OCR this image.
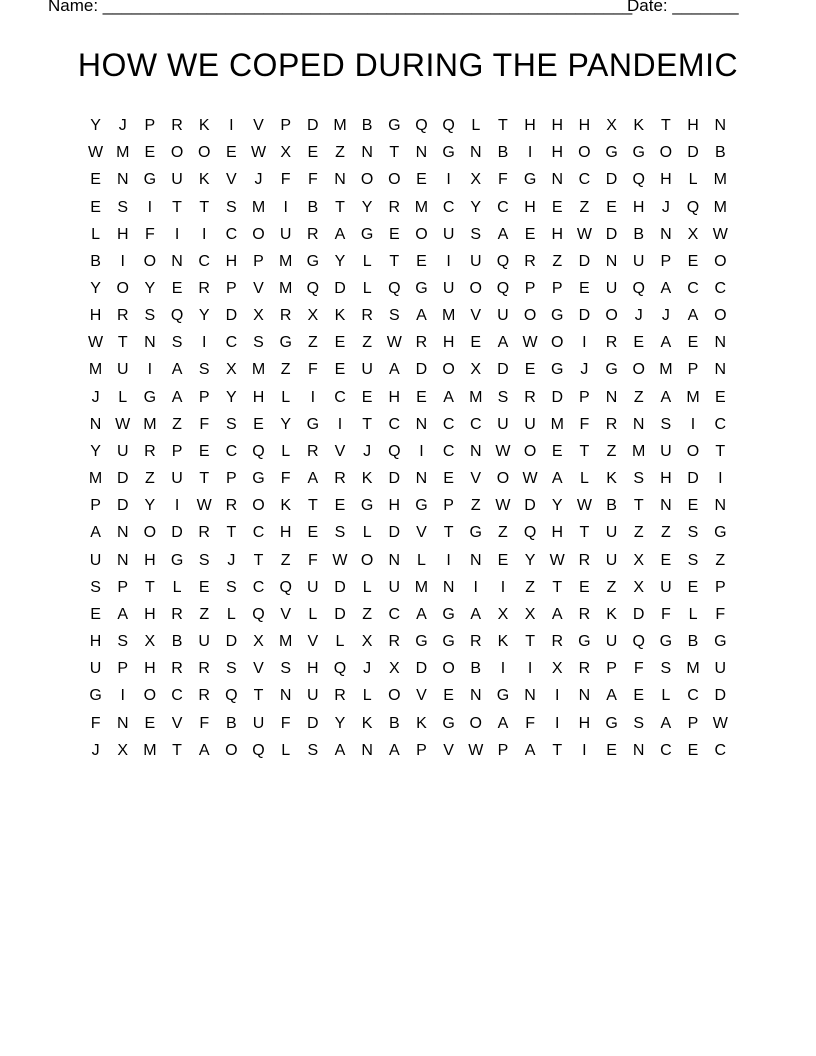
Name: ________________________________________________________
Date: _______
HOW WE COPED DURING THE PANDEMIC
Y	J	P	R	K	I	V	P	D	M	B	G	Q	Q	L	T	H	H	H	X	K	T	H	N
W	M	E	O	O	E	W	X	E	Z	N	T	N	G	N	B	I	H	O	G	G	O	D	B
E	N	G	U	K	V	J	F	F	N	O	O	E	I	X	F	G	N	C	D	Q	H	L	M
E	S	I	T	T	S	M	I	B	T	Y	R	M	C	Y	C	H	E	Z	E	H	J	Q	M
L	H	F	I	I	C	O	U	R	A	G	E	O	U	S	A	E	H	W	D	B	N	X	W
B	I	O	N	C	H	P	M	G	Y	L	T	E	I	U	Q	R	Z	D	N	U	P	E	O
Y	O	Y	E	R	P	V	M	Q	D	L	Q	G	U	O	Q	P	P	E	U	Q	A	C	C
H	R	S	Q	Y	D	X	R	X	K	R	S	A	M	V	U	O	G	D	O	J	J	A	O
W	T	N	S	I	C	S	G	Z	E	Z	W	R	H	E	A	W	O	I	R	E	A	E	N
M	U	I	A	S	X	M	Z	F	E	U	A	D	O	X	D	E	G	J	G	O	M	P	N
J	L	G	A	P	Y	H	L	I	C	E	H	E	A	M	S	R	D	P	N	Z	A	M	E
N	W	M	Z	F	S	E	Y	G	I	T	C	N	C	C	U	U	M	F	R	N	S	I	C
Y	U	R	P	E	C	Q	L	R	V	J	Q	I	C	N	W	O	E	T	Z	M	U	O	T
M	D	Z	U	T	P	G	F	A	R	K	D	N	E	V	O	W	A	L	K	S	H	D	I
P	D	Y	I	W	R	O	K	T	E	G	H	G	P	Z	W	D	Y	W	B	T	N	E	N
A	N	O	D	R	T	C	H	E	S	L	D	V	T	G	Z	Q	H	T	U	Z	Z	S	G
U	N	H	G	S	J	T	Z	F	W	O	N	L	I	N	E	Y	W	R	U	X	E	S	Z
S	P	T	L	E	S	C	Q	U	D	L	U	M	N	I	I	Z	T	E	Z	X	U	E	P
E	A	H	R	Z	L	Q	V	L	D	Z	C	A	G	A	X	X	A	R	K	D	F	L	F
H	S	X	B	U	D	X	M	V	L	X	R	G	G	R	K	T	R	G	U	Q	G	B	G
U	P	H	R	R	S	V	S	H	Q	J	X	D	O	B	I	I	X	R	P	F	S	M	U
G	I	O	C	R	Q	T	N	U	R	L	O	V	E	N	G	N	I	N	A	E	L	C	D
F	N	E	V	F	B	U	F	D	Y	K	B	K	G	O	A	F	I	H	G	S	A	P	W
J	X	M	T	A	O	Q	L	S	A	N	A	P	V	W	P	A	T	I	E	N	C	E	C
